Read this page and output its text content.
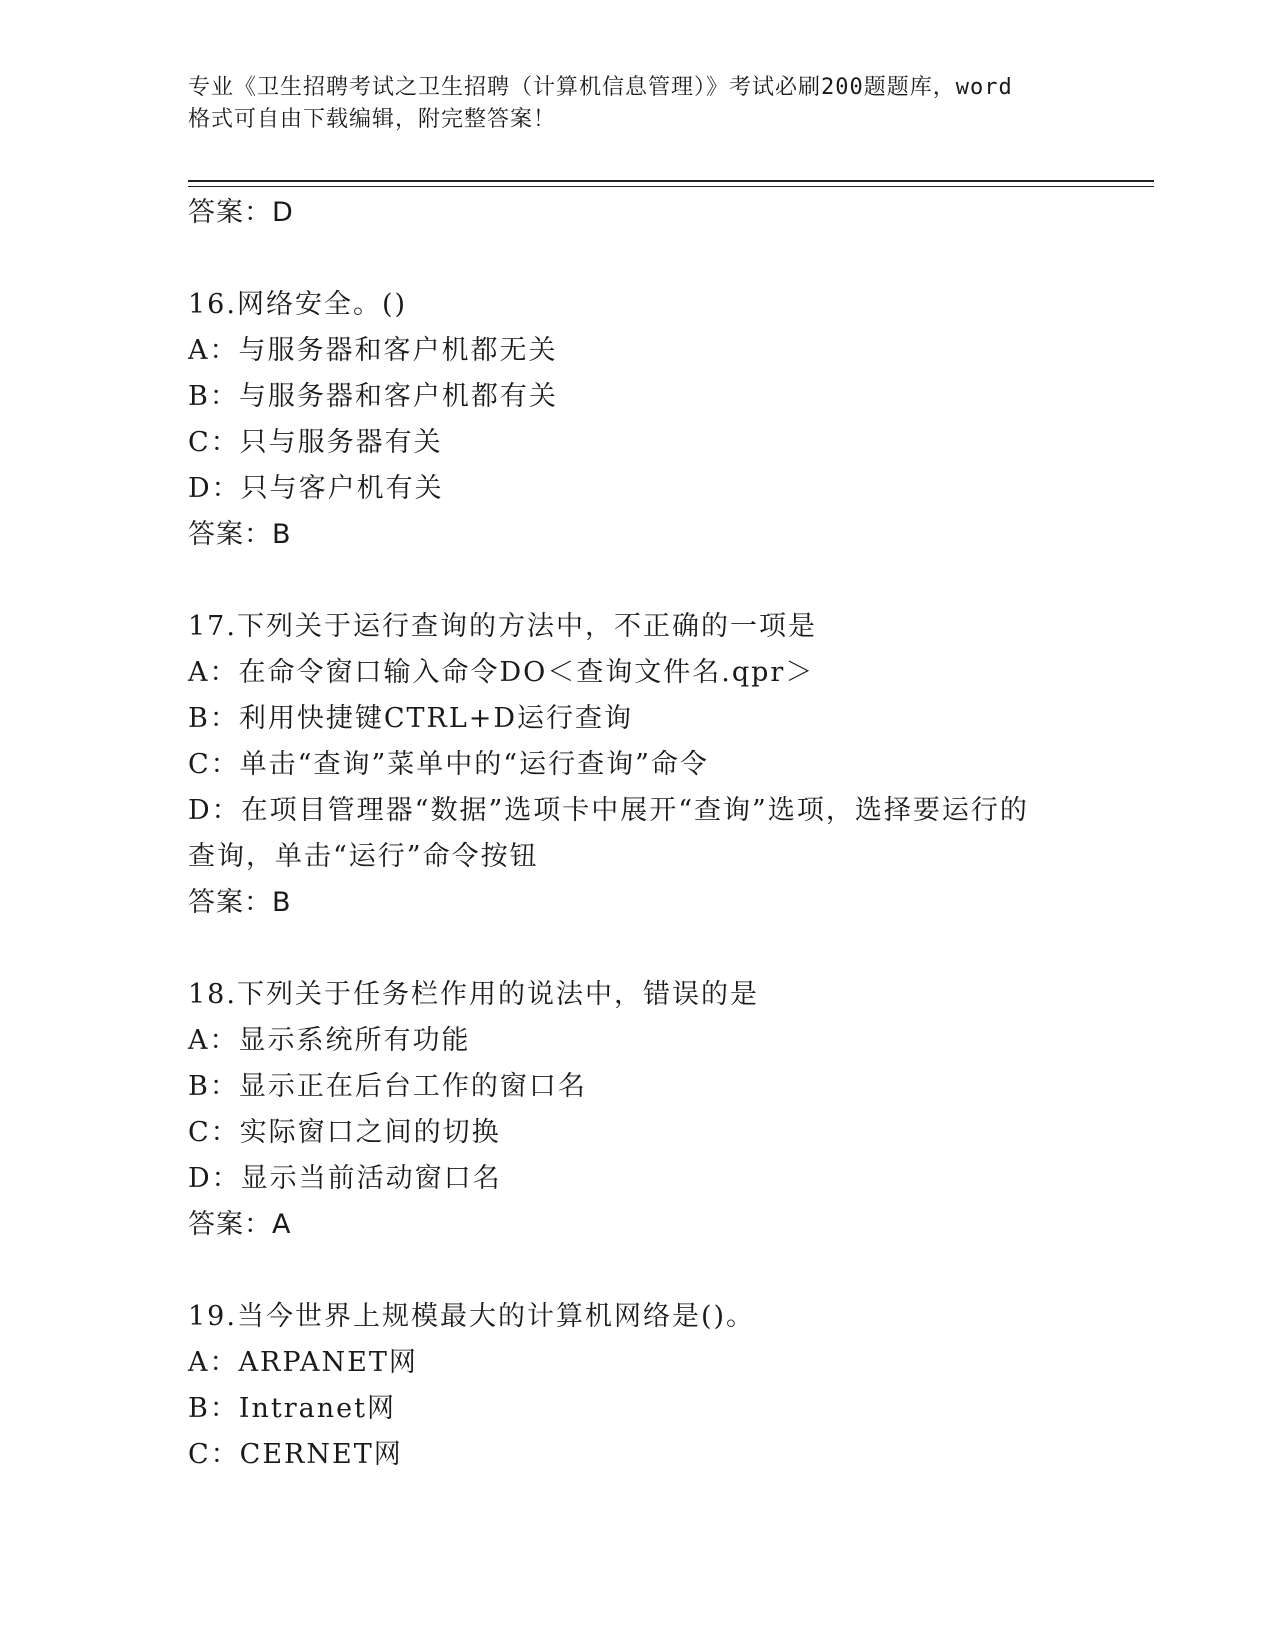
专业《卫生招聘考试之卫生招聘（计算机信息管理）》考试必刷200题题库，word
格式可自由下载编辑，附完整答案！
答案：D
16.网络安全。()
A：与服务器和客户机都无关
B：与服务器和客户机都有关
C：只与服务器有关
D：只与客户机有关
答案：B
17.下列关于运行查询的方法中，不正确的一项是
A：在命令窗口输入命令DO＜查询文件名.qpr＞
B：利用快捷键CTRL+D运行查询
C：单击“查询”菜单中的“运行查询”命令
D：在项目管理器“数据”选项卡中展开“查询”选项，选择要运行的
查询，单击“运行”命令按钮
答案：B
18.下列关于任务栏作用的说法中，错误的是
A：显示系统所有功能
B：显示正在后台工作的窗口名
C：实际窗口之间的切换
D：显示当前活动窗口名
答案：A
19.当今世界上规模最大的计算机网络是()。
A：ARPANET网
B：Intranet网
C：CERNET网
